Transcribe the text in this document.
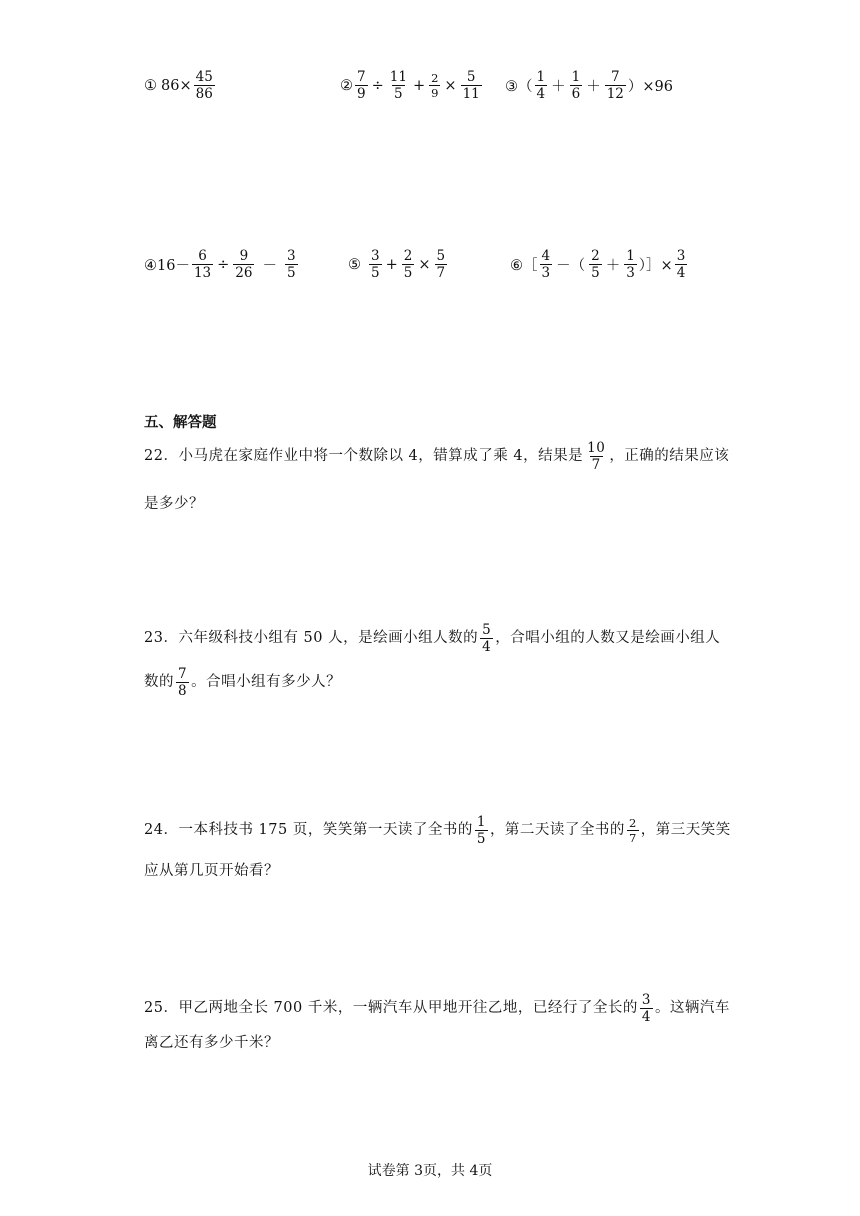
① $86\times \frac{45}{86}$	② $\frac{7}{9} \div \frac{11}{5} + \frac{2}{9} \times \frac{5}{11}$ ③（ $\frac{1}{4} + \frac{1}{6} + \frac{7}{12} )\times 96$
④16－ $\frac{6}{13} \div \frac{9}{26} - \frac{3}{5}$	⑤ $\frac{3}{5} + \frac{2}{5} \times \frac{5}{7}$	⑥［ $\frac{4}{3}$ －（ $\frac{2}{5} + \frac{1}{3}$ ）］× $\frac{3}{4}$
五、解答题
22．小马虎在家庭作业中将一个数除以 4，错算成了乘 4，结果是 $\frac{10}{7}$ ，正确的结果应该
是多少？
23．六年级科技小组有 50 人，是绘画小组人数的 $\frac{5}{4}$ ，合唱小组的人数又是绘画小组人
数的 $\frac{7}{8}$ 。合唱小组有多少人？
24．一本科技书 175 页，笑笑第一天读了全书的 $\frac{1}{5}$ ，第二天读了全书的 $\frac{2}{7}$ ，第三天笑笑
应从第几页开始看？
25．甲乙两地全长 700 千米，一辆汽车从甲地开往乙地，已经行了全长的 $\frac{3}{4}$ 。这辆汽车
离乙还有多少千米？
试卷第 3页，共 4页
